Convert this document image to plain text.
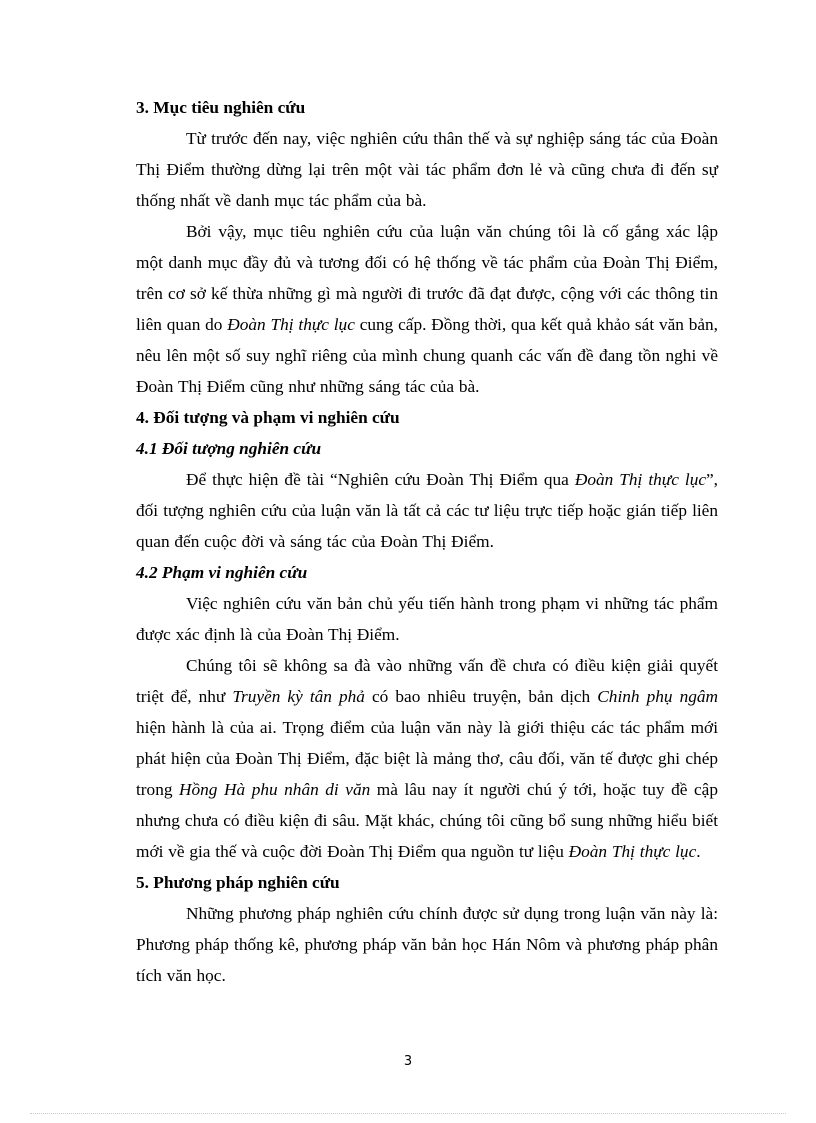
3. Mục tiêu nghiên cứu

Từ trước đến nay, việc nghiên cứu thân thế và sự nghiệp sáng tác của Đoàn Thị Điểm thường dừng lại trên một vài tác phẩm đơn lẻ và cũng chưa đi đến sự thống nhất về danh mục tác phẩm của bà.

Bởi vậy, mục tiêu nghiên cứu của luận văn chúng tôi là cố gắng xác lập một danh mục đầy đủ và tương đối có hệ thống về tác phẩm của Đoàn Thị Điểm, trên cơ sở kế thừa những gì mà người đi trước đã đạt được, cộng với các thông tin liên quan do Đoàn Thị thực lục cung cấp. Đồng thời, qua kết quả khảo sát văn bản, nêu lên một số suy nghĩ riêng của mình chung quanh các vấn đề đang tồn nghi về Đoàn Thị Điểm cũng như những sáng tác của bà.

4. Đối tượng và phạm vi nghiên cứu

4.1 Đối tượng nghiên cứu

Để thực hiện đề tài “Nghiên cứu Đoàn Thị Điểm qua Đoàn Thị thực lục”, đối tượng nghiên cứu của luận văn là tất cả các tư liệu trực tiếp hoặc gián tiếp liên quan đến cuộc đời và sáng tác của Đoàn Thị Điểm.

4.2 Phạm vi nghiên cứu

Việc nghiên cứu văn bản chủ yếu tiến hành trong phạm vi những tác phẩm được xác định là của Đoàn Thị Điểm.

Chúng tôi sẽ không sa đà vào những vấn đề chưa có điều kiện giải quyết triệt để, như Truyền kỳ tân phả có bao nhiêu truyện, bản dịch Chinh phụ ngâm hiện hành là của ai. Trọng điểm của luận văn này là giới thiệu các tác phẩm mới phát hiện của Đoàn Thị Điểm, đặc biệt là mảng thơ, câu đối, văn tế được ghi chép trong Hồng Hà phu nhân di văn mà lâu nay ít người chú ý tới, hoặc tuy đề cập nhưng chưa có điều kiện đi sâu. Mặt khác, chúng tôi cũng bổ sung những hiểu biết mới về gia thế và cuộc đời Đoàn Thị Điểm qua nguồn tư liệu Đoàn Thị thực lục.

5. Phương pháp nghiên cứu

Những phương pháp nghiên cứu chính được sử dụng trong luận văn này là: Phương pháp thống kê, phương pháp văn bản học Hán Nôm và phương pháp phân tích văn học.

3
